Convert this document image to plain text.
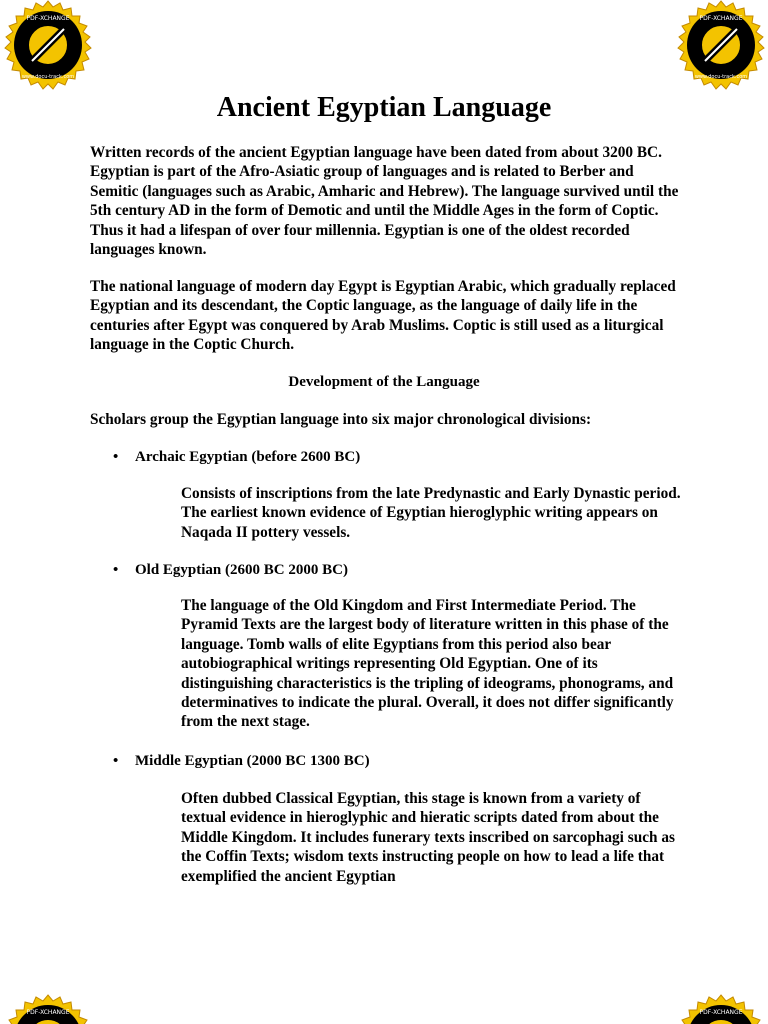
PDF-XCHANGE
www.docu-track.com
PDF-XCHANGE
www.docu-track.com
PDF-XCHANGE	PDF-XCHANGE
Ancient Egyptian Language

Written records of the ancient Egyptian language have been dated from about 3200 BC. Egyptian is part of the Afro-Asiatic group of languages and is related to Berber and Semitic (languages such as Arabic, Amharic and Hebrew). The language survived until the 5th century AD in the form of Demotic and until the Middle Ages in the form of Coptic. Thus it had a lifespan of over four millennia. Egyptian is one of the oldest recorded languages known.

The national language of modern day Egypt is Egyptian Arabic, which gradually replaced Egyptian and its descendant, the Coptic language, as the language of daily life in the centuries after Egypt was conquered by Arab Muslims. Coptic is still used as a liturgical language in the Coptic Church.

Development of the Language

Scholars group the Egyptian language into six major chronological divisions:

• Archaic Egyptian (before 2600 BC)

Consists of inscriptions from the late Predynastic and Early Dynastic period. The earliest known evidence of Egyptian hieroglyphic writing appears on Naqada II pottery vessels.

• Old Egyptian (2600 BC 2000 BC)

The language of the Old Kingdom and First Intermediate Period. The Pyramid Texts are the largest body of literature written in this phase of the language. Tomb walls of elite Egyptians from this period also bear autobiographical writings representing Old Egyptian. One of its distinguishing characteristics is the tripling of ideograms, phonograms, and determinatives to indicate the plural. Overall, it does not differ significantly from the next stage.

• Middle Egyptian (2000 BC 1300 BC)

Often dubbed Classical Egyptian, this stage is known from a variety of textual evidence in hieroglyphic and hieratic scripts dated from about the Middle Kingdom. It includes funerary texts inscribed on sarcophagi such as the Coffin Texts; wisdom texts instructing people on how to lead a life that exemplified the ancient Egyptian
